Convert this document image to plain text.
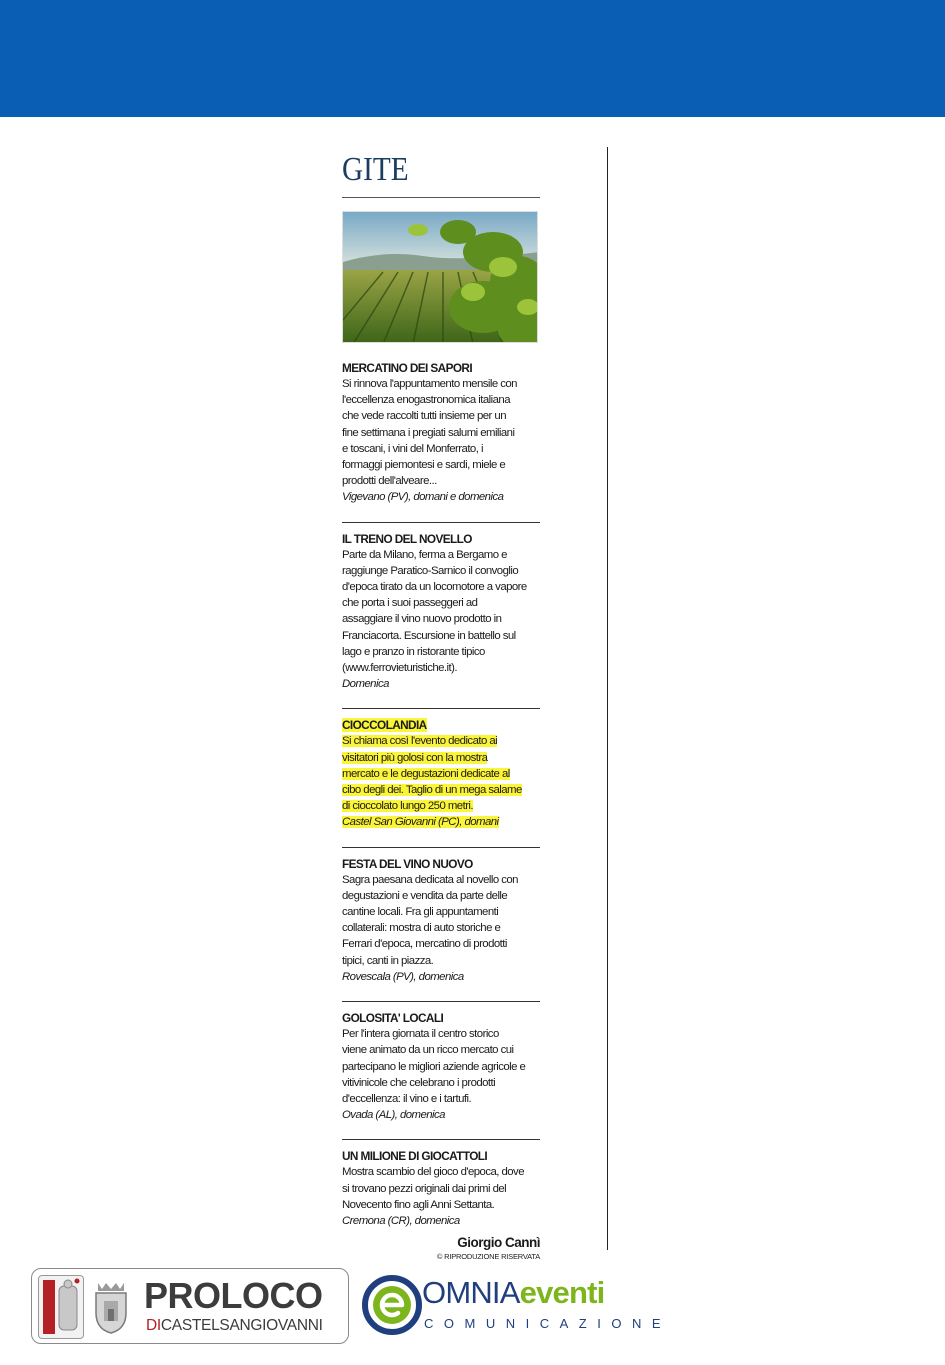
GITE
MERCATINO DEI SAPORI

Si rinnova l'appuntamento mensile con
l'eccellenza enogastronomica italiana
che vede raccolti tutti insieme per un
fine settimana i pregiati salumi emiliani
e toscani, i vini del Monferrato, i
formaggi piemontesi e sardi, miele e
prodotti dell'alveare...

Vigevano (PV), domani e domenica
IL TRENO DEL NOVELLO

Parte da Milano, ferma a Bergamo e
raggiunge Paratico-Sarnico il convoglio
d'epoca tirato da un locomotore a vapore
che porta i suoi passeggeri ad
assaggiare il vino nuovo prodotto in
Franciacorta. Escursione in battello sul
lago e pranzo in ristorante tipico
(www.ferrovieturistiche.it).

Domenica
CIOCCOLANDIA

Si chiama così l'evento dedicato ai
visitatori più golosi con la mostra
mercato e le degustazioni dedicate al
cibo degli dei. Taglio di un mega salame
di cioccolato lungo 250 metri.

Castel San Giovanni (PC), domani
FESTA DEL VINO NUOVO

Sagra paesana dedicata al novello con
degustazioni e vendita da parte delle
cantine locali. Fra gli appuntamenti
collaterali: mostra di auto storiche e
Ferrari d'epoca, mercatino di prodotti
tipici, canti in piazza.

Rovescala (PV), domenica
GOLOSITA' LOCALI

Per l'intera giornata il centro storico
viene animato da un ricco mercato cui
partecipano le migliori aziende agricole e
vitivinicole che celebrano i prodotti
d'eccellenza: il vino e i tartufi.

Ovada (AL), domenica
UN MILIONE DI GIOCATTOLI

Mostra scambio del gioco d'epoca, dove
si trovano pezzi originali dai primi del
Novecento fino agli Anni Settanta.

Cremona (CR), domenica
Giorgio Cannì
© RIPRODUZIONE RISERVATA
PROLOCO
DICASTELSANGIOVANNI
OMNIAeventi
COMUNICAZIONE
